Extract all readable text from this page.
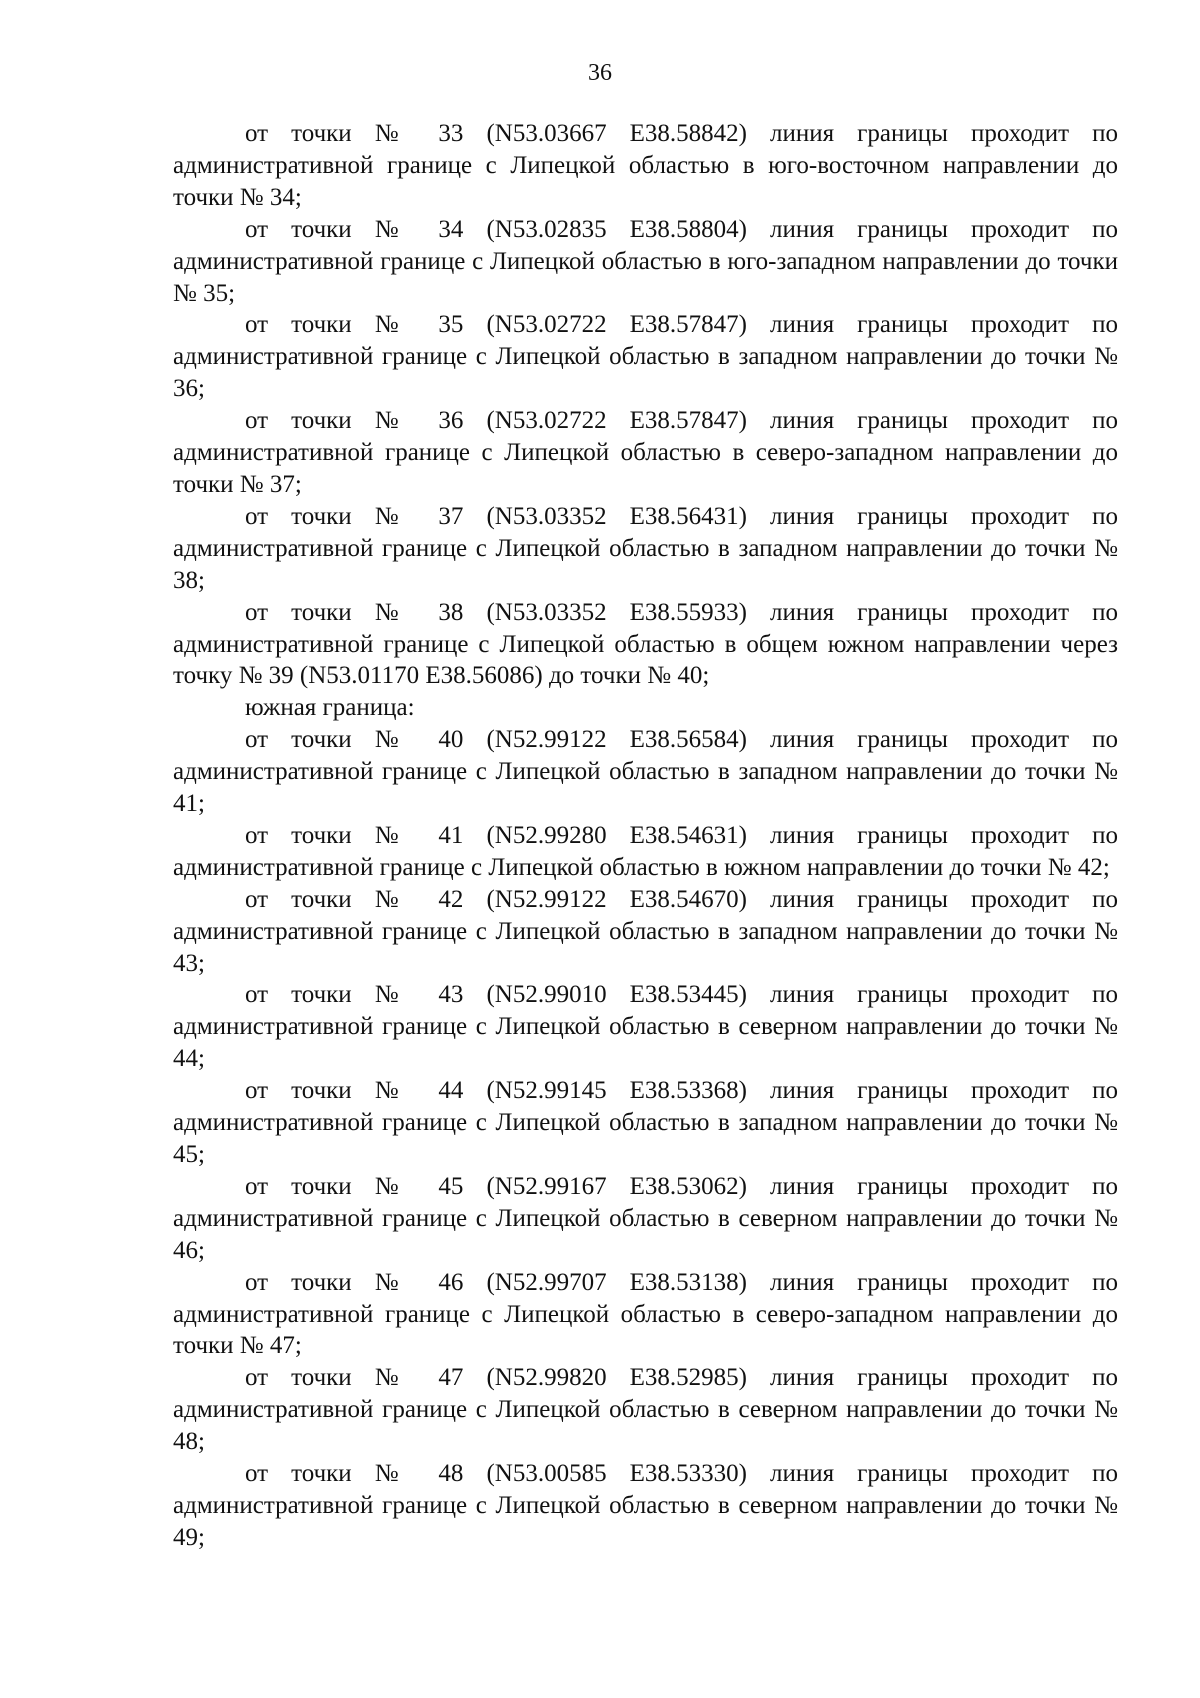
36

от точки № 33 (N53.03667 E38.58842) линия границы проходит по административной границе с Липецкой областью в юго-восточном направлении до точки № 34;

от точки № 34 (N53.02835 E38.58804) линия границы проходит по административной границе с Липецкой областью в юго-западном направлении до точки № 35;

от точки № 35 (N53.02722 E38.57847) линия границы проходит по административной границе с Липецкой областью в западном направлении до точки № 36;

от точки № 36 (N53.02722 E38.57847) линия границы проходит по административной границе с Липецкой областью в северо-западном направлении до точки № 37;

от точки № 37 (N53.03352 E38.56431) линия границы проходит по административной границе с Липецкой областью в западном направлении до точки № 38;

от точки № 38 (N53.03352 E38.55933) линия границы проходит по административной границе с Липецкой областью в общем южном направлении через точку № 39 (N53.01170 E38.56086) до точки № 40;

южная граница:

от точки № 40 (N52.99122 E38.56584) линия границы проходит по административной границе с Липецкой областью в западном направлении до точки № 41;

от точки № 41 (N52.99280 E38.54631) линия границы проходит по административной границе с Липецкой областью в южном направлении до точки № 42;

от точки № 42 (N52.99122 E38.54670) линия границы проходит по административной границе с Липецкой областью в западном направлении до точки № 43;

от точки № 43 (N52.99010 E38.53445) линия границы проходит по административной границе с Липецкой областью в северном направлении до точки № 44;

от точки № 44 (N52.99145 E38.53368) линия границы проходит по административной границе с Липецкой областью в западном направлении до точки № 45;

от точки № 45 (N52.99167 E38.53062) линия границы проходит по административной границе с Липецкой областью в северном направлении до точки № 46;

от точки № 46 (N52.99707 E38.53138) линия границы проходит по административной границе с Липецкой областью в северо-западном направлении до точки № 47;

от точки № 47 (N52.99820 E38.52985) линия границы проходит по административной границе с Липецкой областью в северном направлении до точки № 48;

от точки № 48 (N53.00585 E38.53330) линия границы проходит по административной границе с Липецкой областью в северном направлении до точки № 49;
